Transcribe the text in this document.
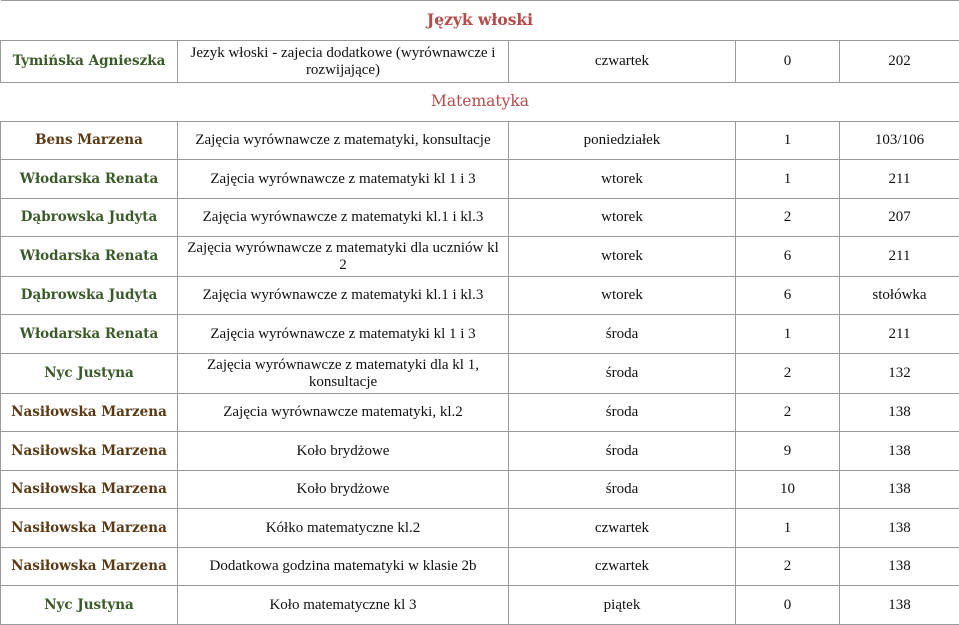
Język włoski				
Tymińska Agnieszka	Jezyk włoski - zajecia dodatkowe (wyrównawcze i rozwijające)	czwartek	0	202
Matematyka				
Bens Marzena	Zajęcia wyrównawcze z matematyki, konsultacje	poniedziałek	1	103/106
Włodarska Renata	Zajęcia wyrównawcze z matematyki kl 1 i 3	wtorek	1	211
Dąbrowska Judyta	Zajęcia wyrównawcze z matematyki kl.1 i kl.3	wtorek	2	207
Włodarska Renata	Zajęcia wyrównawcze z matematyki dla uczniów kl 2	wtorek	6	211
Dąbrowska Judyta	Zajęcia wyrównawcze z matematyki kl.1 i kl.3	wtorek	6	stołówka
Włodarska Renata	Zajęcia wyrównawcze z matematyki kl 1 i 3	środa	1	211
Nyc Justyna	Zajęcia wyrównawcze z matematyki dla kl 1, konsultacje	środa	2	132
Nasiłowska Marzena	Zajęcia wyrównawcze matematyki, kl.2	środa	2	138
Nasiłowska Marzena	Koło brydżowe	środa	9	138
Nasiłowska Marzena	Koło brydżowe	środa	10	138
Nasiłowska Marzena	Kółko matematyczne kl.2	czwartek	1	138
Nasiłowska Marzena	Dodatkowa godzina matematyki w klasie 2b	czwartek	2	138
Nyc Justyna	Koło matematyczne kl 3	piątek	0	138
